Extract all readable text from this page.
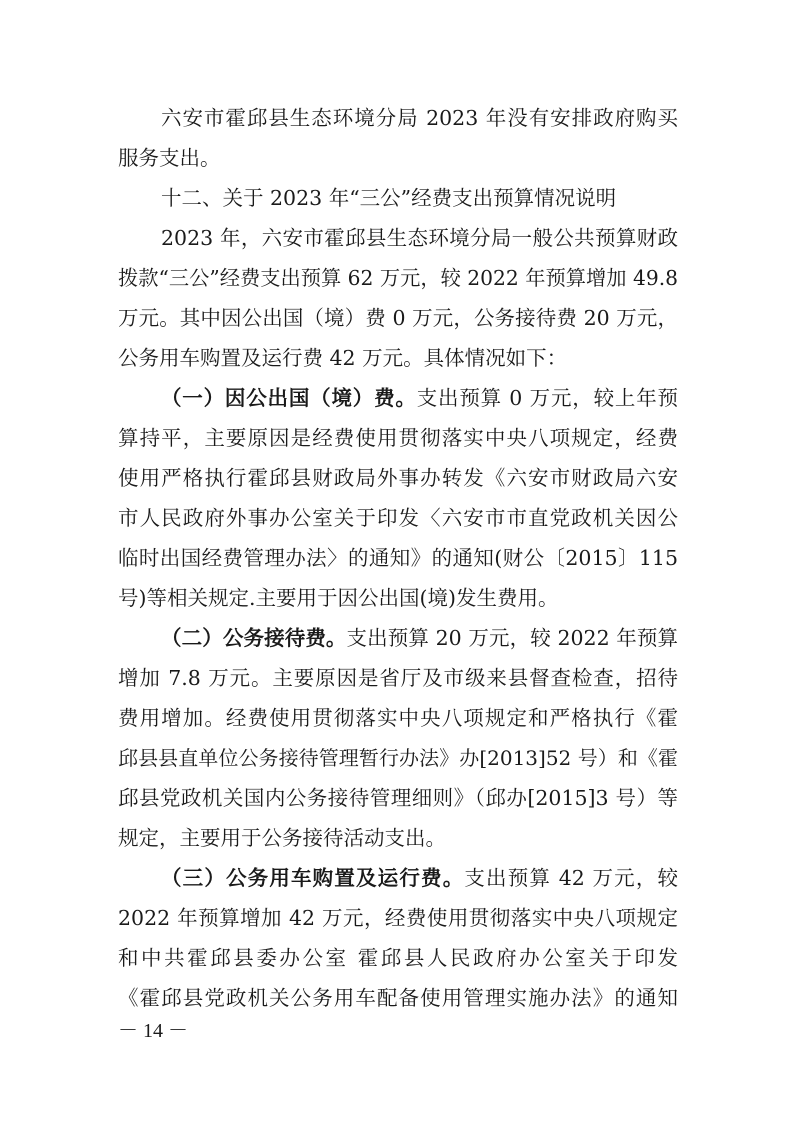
六安市霍邱县生态环境分局 2023 年没有安排政府购买
服务支出。
十二、关于 2023 年“三公”经费支出预算情况说明
2023 年，六安市霍邱县生态环境分局一般公共预算财政
拨款“三公”经费支出预算 62 万元，较 2022 年预算增加 49.8
万元。其中因公出国（境）费 0 万元，公务接待费 20 万元，
公务用车购置及运行费 42 万元。具体情况如下：
（一）因公出国（境）费。支出预算 0 万元，较上年预
算持平，主要原因是经费使用贯彻落实中央八项规定，经费
使用严格执行霍邱县财政局外事办转发《六安市财政局六安
市人民政府外事办公室关于印发〈六安市市直党政机关因公
临时出国经费管理办法〉的通知》的通知(财公〔2015〕115
号)等相关规定.主要用于因公出国(境)发生费用。
（二）公务接待费。支出预算 20 万元，较 2022 年预算
增加 7.8 万元。主要原因是省厅及市级来县督查检查，招待
费用增加。经费使用贯彻落实中央八项规定和严格执行《霍
邱县县直单位公务接待管理暂行办法》办[2013]52 号）和《霍
邱县党政机关国内公务接待管理细则》（邱办[2015]3 号）等
规定，主要用于公务接待活动支出。
（三）公务用车购置及运行费。支出预算 42 万元，较
2022 年预算增加 42 万元，经费使用贯彻落实中央八项规定
和中共霍邱县委办公室 霍邱县人民政府办公室关于印发
《霍邱县党政机关公务用车配备使用管理实施办法》的通知
－ 14 －
